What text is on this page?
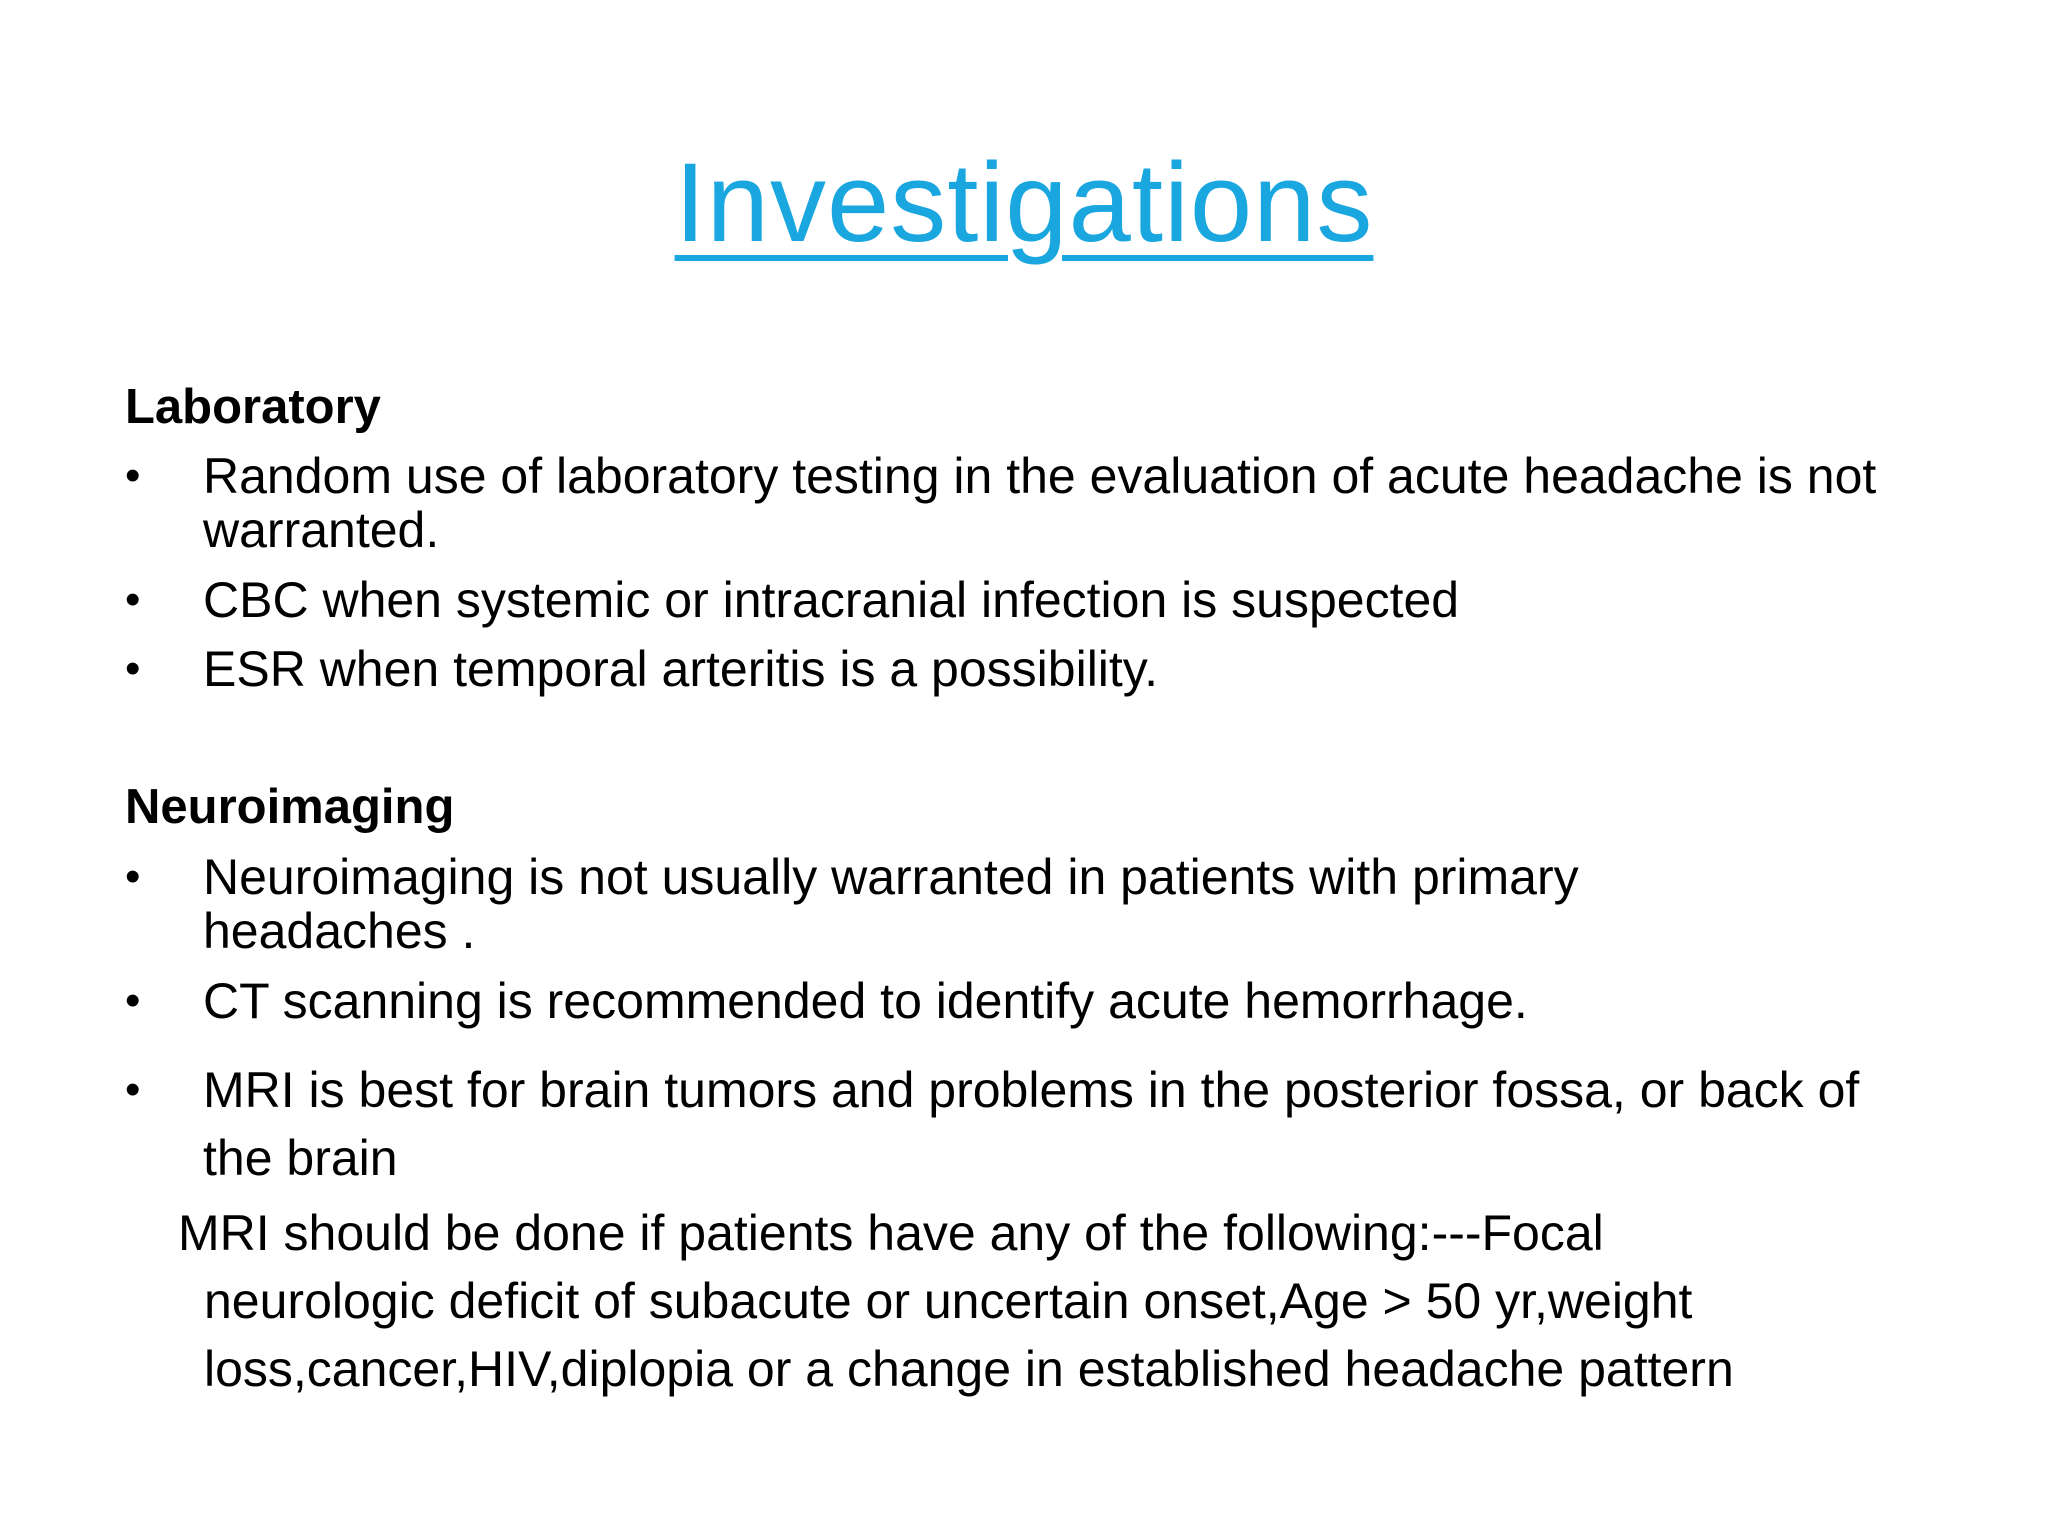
Investigations

Laboratory

•	Random use of laboratory testing in the evaluation of acute headache is not warranted.
•	CBC when systemic or intracranial infection is suspected
•	ESR when temporal arteritis is a possibility.

Neuroimaging

•	Neuroimaging is not usually warranted in patients with primary headaches .
•	CT scanning is recommended to identify acute hemorrhage.
•	MRI is best for brain tumors and problems in the posterior fossa, or back of the brain

MRI should be done if patients have any of the following:---Focal neurologic deficit of subacute or uncertain onset,Age > 50 yr,weight loss,cancer,HIV,diplopia or a change in established headache pattern
